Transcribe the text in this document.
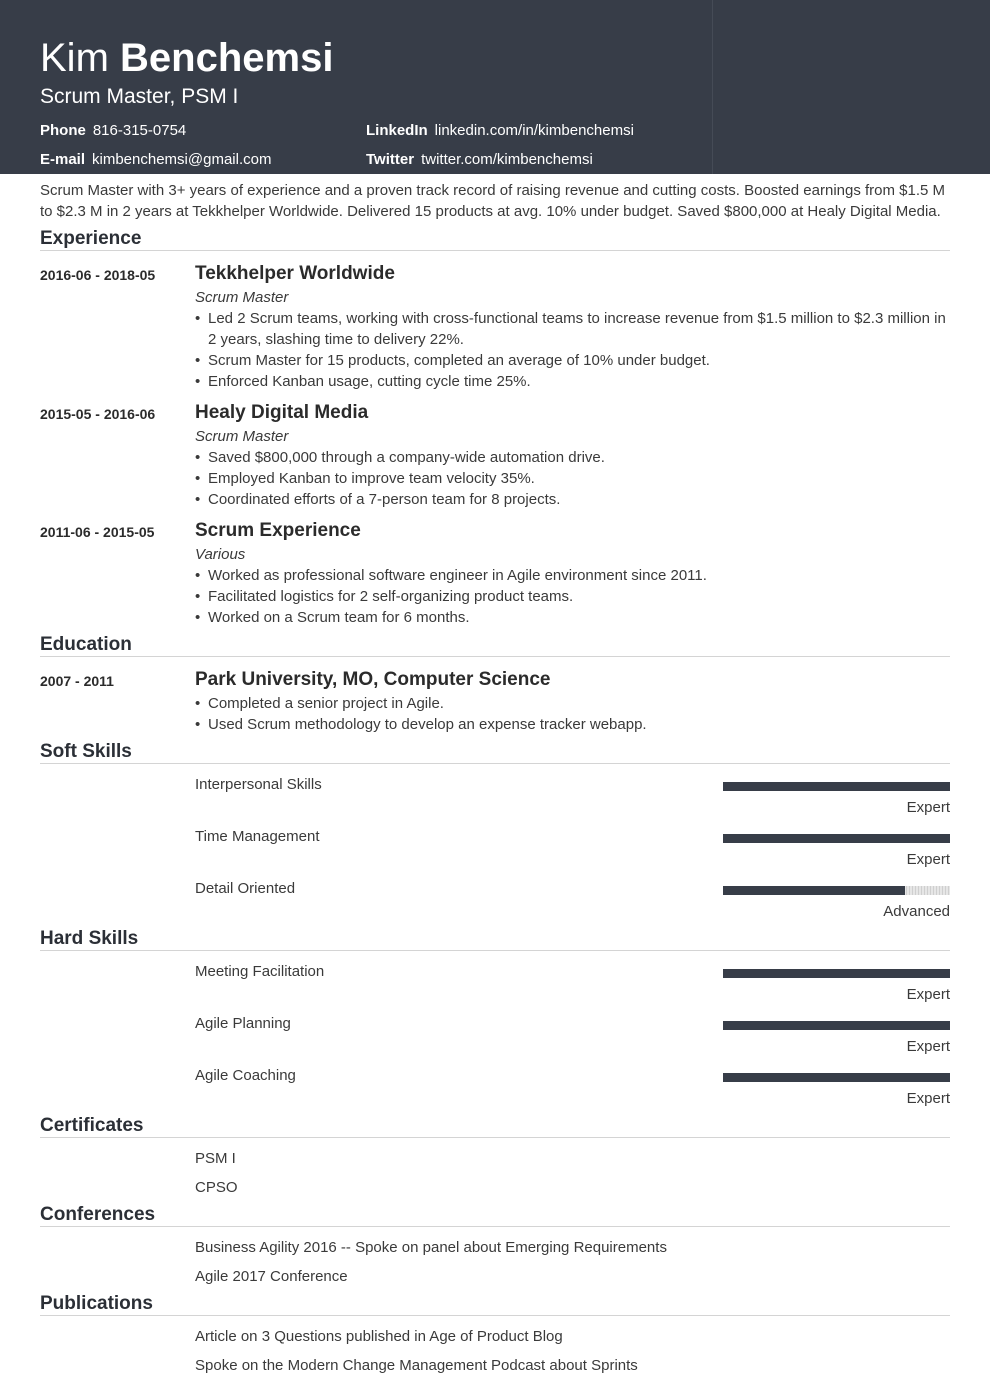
Kim Benchemsi
Scrum Master, PSM I
Phone 816-315-0754
E-mail kimbenchemsi@gmail.com
LinkedIn linkedin.com/in/kimbenchemsi
Twitter twitter.com/kimbenchemsi

Scrum Master with 3+ years of experience and a proven track record of raising revenue and cutting costs. Boosted earnings from $1.5 M to $2.3 M in 2 years at Tekkhelper Worldwide. Delivered 15 products at avg. 10% under budget. Saved $800,000 at Healy Digital Media.

Experience
2016-06 - 2018-05 Tekkhelper Worldwide
Scrum Master
• Led 2 Scrum teams, working with cross-functional teams to increase revenue from $1.5 million to $2.3 million in 2 years, slashing time to delivery 22%.
• Scrum Master for 15 products, completed an average of 10% under budget.
• Enforced Kanban usage, cutting cycle time 25%.
2015-05 - 2016-06 Healy Digital Media
Scrum Master
• Saved $800,000 through a company-wide automation drive.
• Employed Kanban to improve team velocity 35%.
• Coordinated efforts of a 7-person team for 8 projects.
2011-06 - 2015-05 Scrum Experience
Various
• Worked as professional software engineer in Agile environment since 2011.
• Facilitated logistics for 2 self-organizing product teams.
• Worked on a Scrum team for 6 months.
Education
2007 - 2011	Park University, MO, Computer Science
• Completed a senior project in Agile.
• Used Scrum methodology to develop an expense tracker webapp.
Soft Skills
Interpersonal Skills
Expert
Time Management
Expert
Detail Oriented
Advanced
Hard Skills
Meeting Facilitation
Expert
Agile Planning
Expert
Agile Coaching
Expert
Certificates
PSM I
CPSO
Conferences
Business Agility 2016 -- Spoke on panel about Emerging Requirements
Agile 2017 Conference
Publications
Article on 3 Questions published in Age of Product Blog
Spoke on the Modern Change Management Podcast about Sprints
